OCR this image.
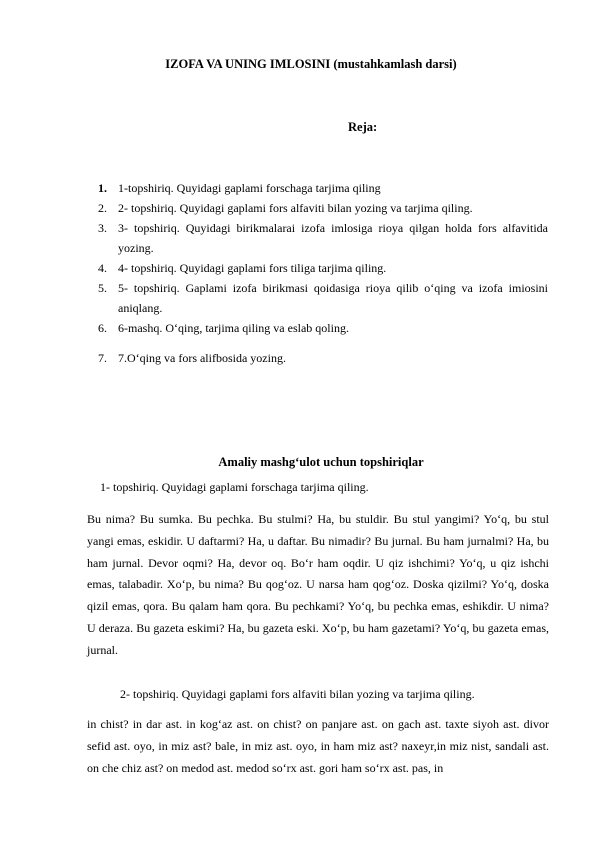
IZOFA VA UNING IMLOSINI (mustahkamlash darsi)
Reja:
1. 1-topshiriq. Quyidagi gaplami forschaga tarjima qiling
2. 2- topshiriq. Quyidagi gaplami fors alfaviti bilan yozing va tarjima qiling.
3. 3- topshiriq. Quyidagi birikmalarai izofa imlosiga rioya qilgan holda fors alfavitida yozing.
4. 4- topshiriq. Quyidagi gaplami fors tiliga tarjima qiling.
5. 5- topshiriq. Gaplami izofa birikmasi qoidasiga rioya qilib o‘qing va izofa imiosini aniqlang.
6. 6-mashq. O‘qing, tarjima qiling va eslab qoling.
7. 7.O‘qing va fors alifbosida yozing.
Amaliy mashg‘ulot uchun topshiriqlar
1- topshiriq. Quyidagi gaplami forschaga tarjima qiling.
Bu nima? Bu sumka. Bu pechka. Bu stulmi? Ha, bu stuldir. Bu stul yangimi? Yo‘q, bu stul yangi emas, eskidir. U daftarmi? Ha, u daftar. Bu nimadir? Bu jurnal. Bu ham jurnalmi? Ha, bu ham jurnal. Devor oqmi? Ha, devor oq. Bo‘r ham oqdir. U qiz ishchimi? Yo‘q, u qiz ishchi emas, talabadir. Xo‘p, bu nima? Bu qog‘oz. U narsa ham qog‘oz. Doska qizilmi? Yo‘q, doska qizil emas, qora. Bu qalam ham qora. Bu pechkami? Yo‘q, bu pechka emas, eshikdir. U nima? U deraza. Bu gazeta eskimi? Ha, bu gazeta eski. Xo‘p, bu ham gazetami? Yo‘q, bu gazeta emas, jurnal.
2- topshiriq. Quyidagi gaplami fors alfaviti bilan yozing va tarjima qiling.
in chist? in dar ast. in kog‘az ast. on chist? on panjare ast. on gach ast. taxte siyoh ast. divor sefid ast. oyo, in miz ast? bale, in miz ast. oyo, in ham miz ast? naxeyr,in miz nist, sandali ast. on che chiz ast? on medod ast. medod so‘rx ast. gori ham so‘rx ast. pas, in
